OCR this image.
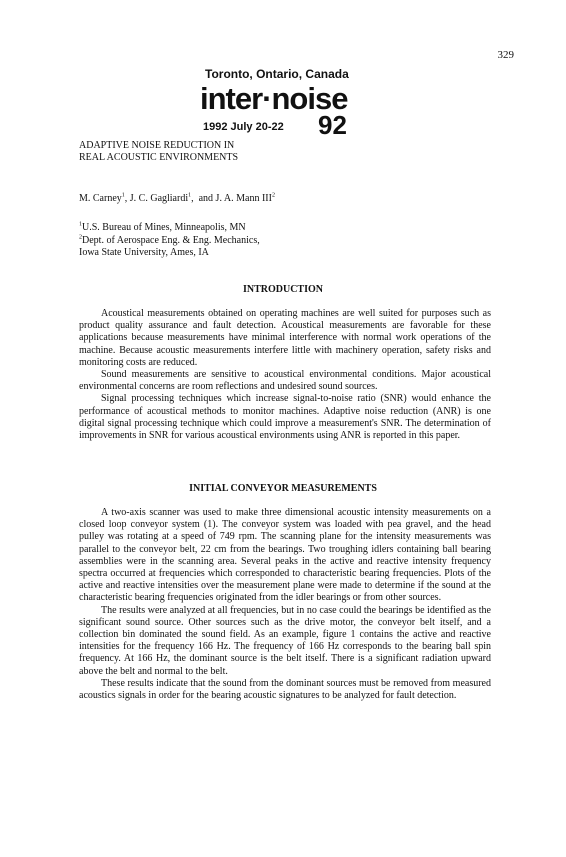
329
Toronto, Ontario, Canada
inter·noise
1992 July 20-22 92
ADAPTIVE NOISE REDUCTION IN
REAL ACOUSTIC ENVIRONMENTS
M. Carney$^1$, J. C. Gagliardi$^1$,  and J. A. Mann III$^2$
$^1$U.S. Bureau of Mines, Minneapolis, MN
$^2$Dept. of Aerospace Eng. & Eng. Mechanics,
Iowa State University, Ames, IA
INTRODUCTION

Acoustical measurements obtained on operating machines are well suited for purposes such as product quality assurance and fault detection. Acoustical measurements are favorable for these applications because measurements have minimal interference with normal work operations of the machine. Because acoustic measurements interfere little with machinery operation, safety risks and monitoring costs are reduced.

Sound measurements are sensitive to acoustical environmental conditions. Major acoustical environmental concerns are room reflections and undesired sound sources.

Signal processing techniques which increase signal-to-noise ratio (SNR) would enhance the performance of acoustical methods to monitor machines. Adaptive noise reduction (ANR) is one digital signal processing technique which could improve a measurement's SNR. The determination of improvements in SNR for various acoustical environments using ANR is reported in this paper.

INITIAL CONVEYOR MEASUREMENTS

A two-axis scanner was used to make three dimensional acoustic intensity measurements on a closed loop conveyor system (1). The conveyor system was loaded with pea gravel, and the head pulley was rotating at a speed of 749 rpm. The scanning plane for the intensity measurements was parallel to the conveyor belt, 22 cm from the bearings. Two troughing idlers containing ball bearing assemblies were in the scanning area. Several peaks in the active and reactive intensity frequency spectra occurred at frequencies which corresponded to characteristic bearing frequencies. Plots of the active and reactive intensities over the measurement plane were made to determine if the sound at the characteristic bearing frequencies originated from the idler bearings or from other sources.

The results were analyzed at all frequencies, but in no case could the bearings be identified as the significant sound source. Other sources such as the drive motor, the conveyor belt itself, and a collection bin dominated the sound field. As an example, figure 1 contains the active and reactive intensities for the frequency 166 Hz. The frequency of 166 Hz corresponds to the bearing ball spin frequency. At 166 Hz, the dominant source is the belt itself. There is a significant radiation upward above the belt and normal to the belt.

These results indicate that the sound from the dominant sources must be removed from measured acoustics signals in order for the bearing acoustic signatures to be analyzed for fault detection.
